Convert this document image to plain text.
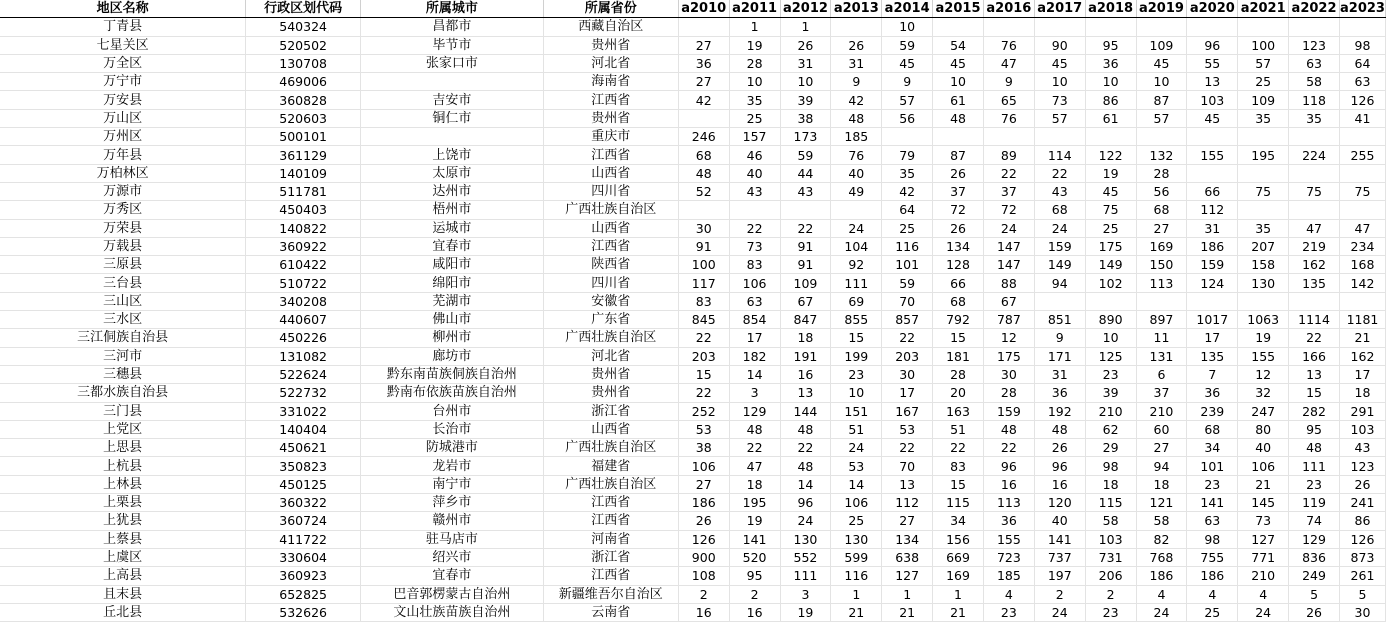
地区名称	行政区划代码	所属城市	所属省份	a2010	a2011	a2012	a2013	a2014	a2015	a2016	a2017	a2018	a2019	a2020	a2021	a2022	a2023
丁青县	540324	昌都市	西藏自治区		1	1		10									
七星关区	520502	毕节市	贵州省	27	19	26	26	59	54	76	90	95	109	96	100	123	98
万全区	130708	张家口市	河北省	36	28	31	31	45	45	47	45	36	45	55	57	63	64
万宁市	469006		海南省	27	10	10	9	9	10	9	10	10	10	13	25	58	63
万安县	360828	吉安市	江西省	42	35	39	42	57	61	65	73	86	87	103	109	118	126
万山区	520603	铜仁市	贵州省		25	38	48	56	48	76	57	61	57	45	35	35	41
万州区	500101		重庆市	246	157	173	185										
万年县	361129	上饶市	江西省	68	46	59	76	79	87	89	114	122	132	155	195	224	255
万柏林区	140109	太原市	山西省	48	40	44	40	35	26	22	22	19	28				
万源市	511781	达州市	四川省	52	43	43	49	42	37	37	43	45	56	66	75	75	75
万秀区	450403	梧州市	广西壮族自治区					64	72	72	68	75	68	112			
万荣县	140822	运城市	山西省	30	22	22	24	25	26	24	24	25	27	31	35	47	47
万载县	360922	宜春市	江西省	91	73	91	104	116	134	147	159	175	169	186	207	219	234
三原县	610422	咸阳市	陕西省	100	83	91	92	101	128	147	149	149	150	159	158	162	168
三台县	510722	绵阳市	四川省	117	106	109	111	59	66	88	94	102	113	124	130	135	142
三山区	340208	芜湖市	安徽省	83	63	67	69	70	68	67							
三水区	440607	佛山市	广东省	845	854	847	855	857	792	787	851	890	897	1017	1063	1114	1181
三江侗族自治县	450226	柳州市	广西壮族自治区	22	17	18	15	22	15	12	9	10	11	17	19	22	21
三河市	131082	廊坊市	河北省	203	182	191	199	203	181	175	171	125	131	135	155	166	162
三穗县	522624	黔东南苗族侗族自治州	贵州省	15	14	16	23	30	28	30	31	23	6	7	12	13	17
三都水族自治县	522732	黔南布依族苗族自治州	贵州省	22	3	13	10	17	20	28	36	39	37	36	32	15	18
三门县	331022	台州市	浙江省	252	129	144	151	167	163	159	192	210	210	239	247	282	291
上党区	140404	长治市	山西省	53	48	48	51	53	51	48	48	62	60	68	80	95	103
上思县	450621	防城港市	广西壮族自治区	38	22	22	24	22	22	22	26	29	27	34	40	48	43
上杭县	350823	龙岩市	福建省	106	47	48	53	70	83	96	96	98	94	101	106	111	123
上林县	450125	南宁市	广西壮族自治区	27	18	14	14	13	15	16	16	18	18	23	21	23	26
上栗县	360322	萍乡市	江西省	186	195	96	106	112	115	113	120	115	121	141	145	119	241
上犹县	360724	赣州市	江西省	26	19	24	25	27	34	36	40	58	58	63	73	74	86
上蔡县	411722	驻马店市	河南省	126	141	130	130	134	156	155	141	103	82	98	127	129	126
上虞区	330604	绍兴市	浙江省	900	520	552	599	638	669	723	737	731	768	755	771	836	873
上高县	360923	宜春市	江西省	108	95	111	116	127	169	185	197	206	186	186	210	249	261
且末县	652825	巴音郭楞蒙古自治州	新疆维吾尔自治区	2	2	3	1	1	1	4	2	2	4	4	4	5	5
丘北县	532626	文山壮族苗族自治州	云南省	16	16	19	21	21	21	23	24	23	24	25	24	26	30
